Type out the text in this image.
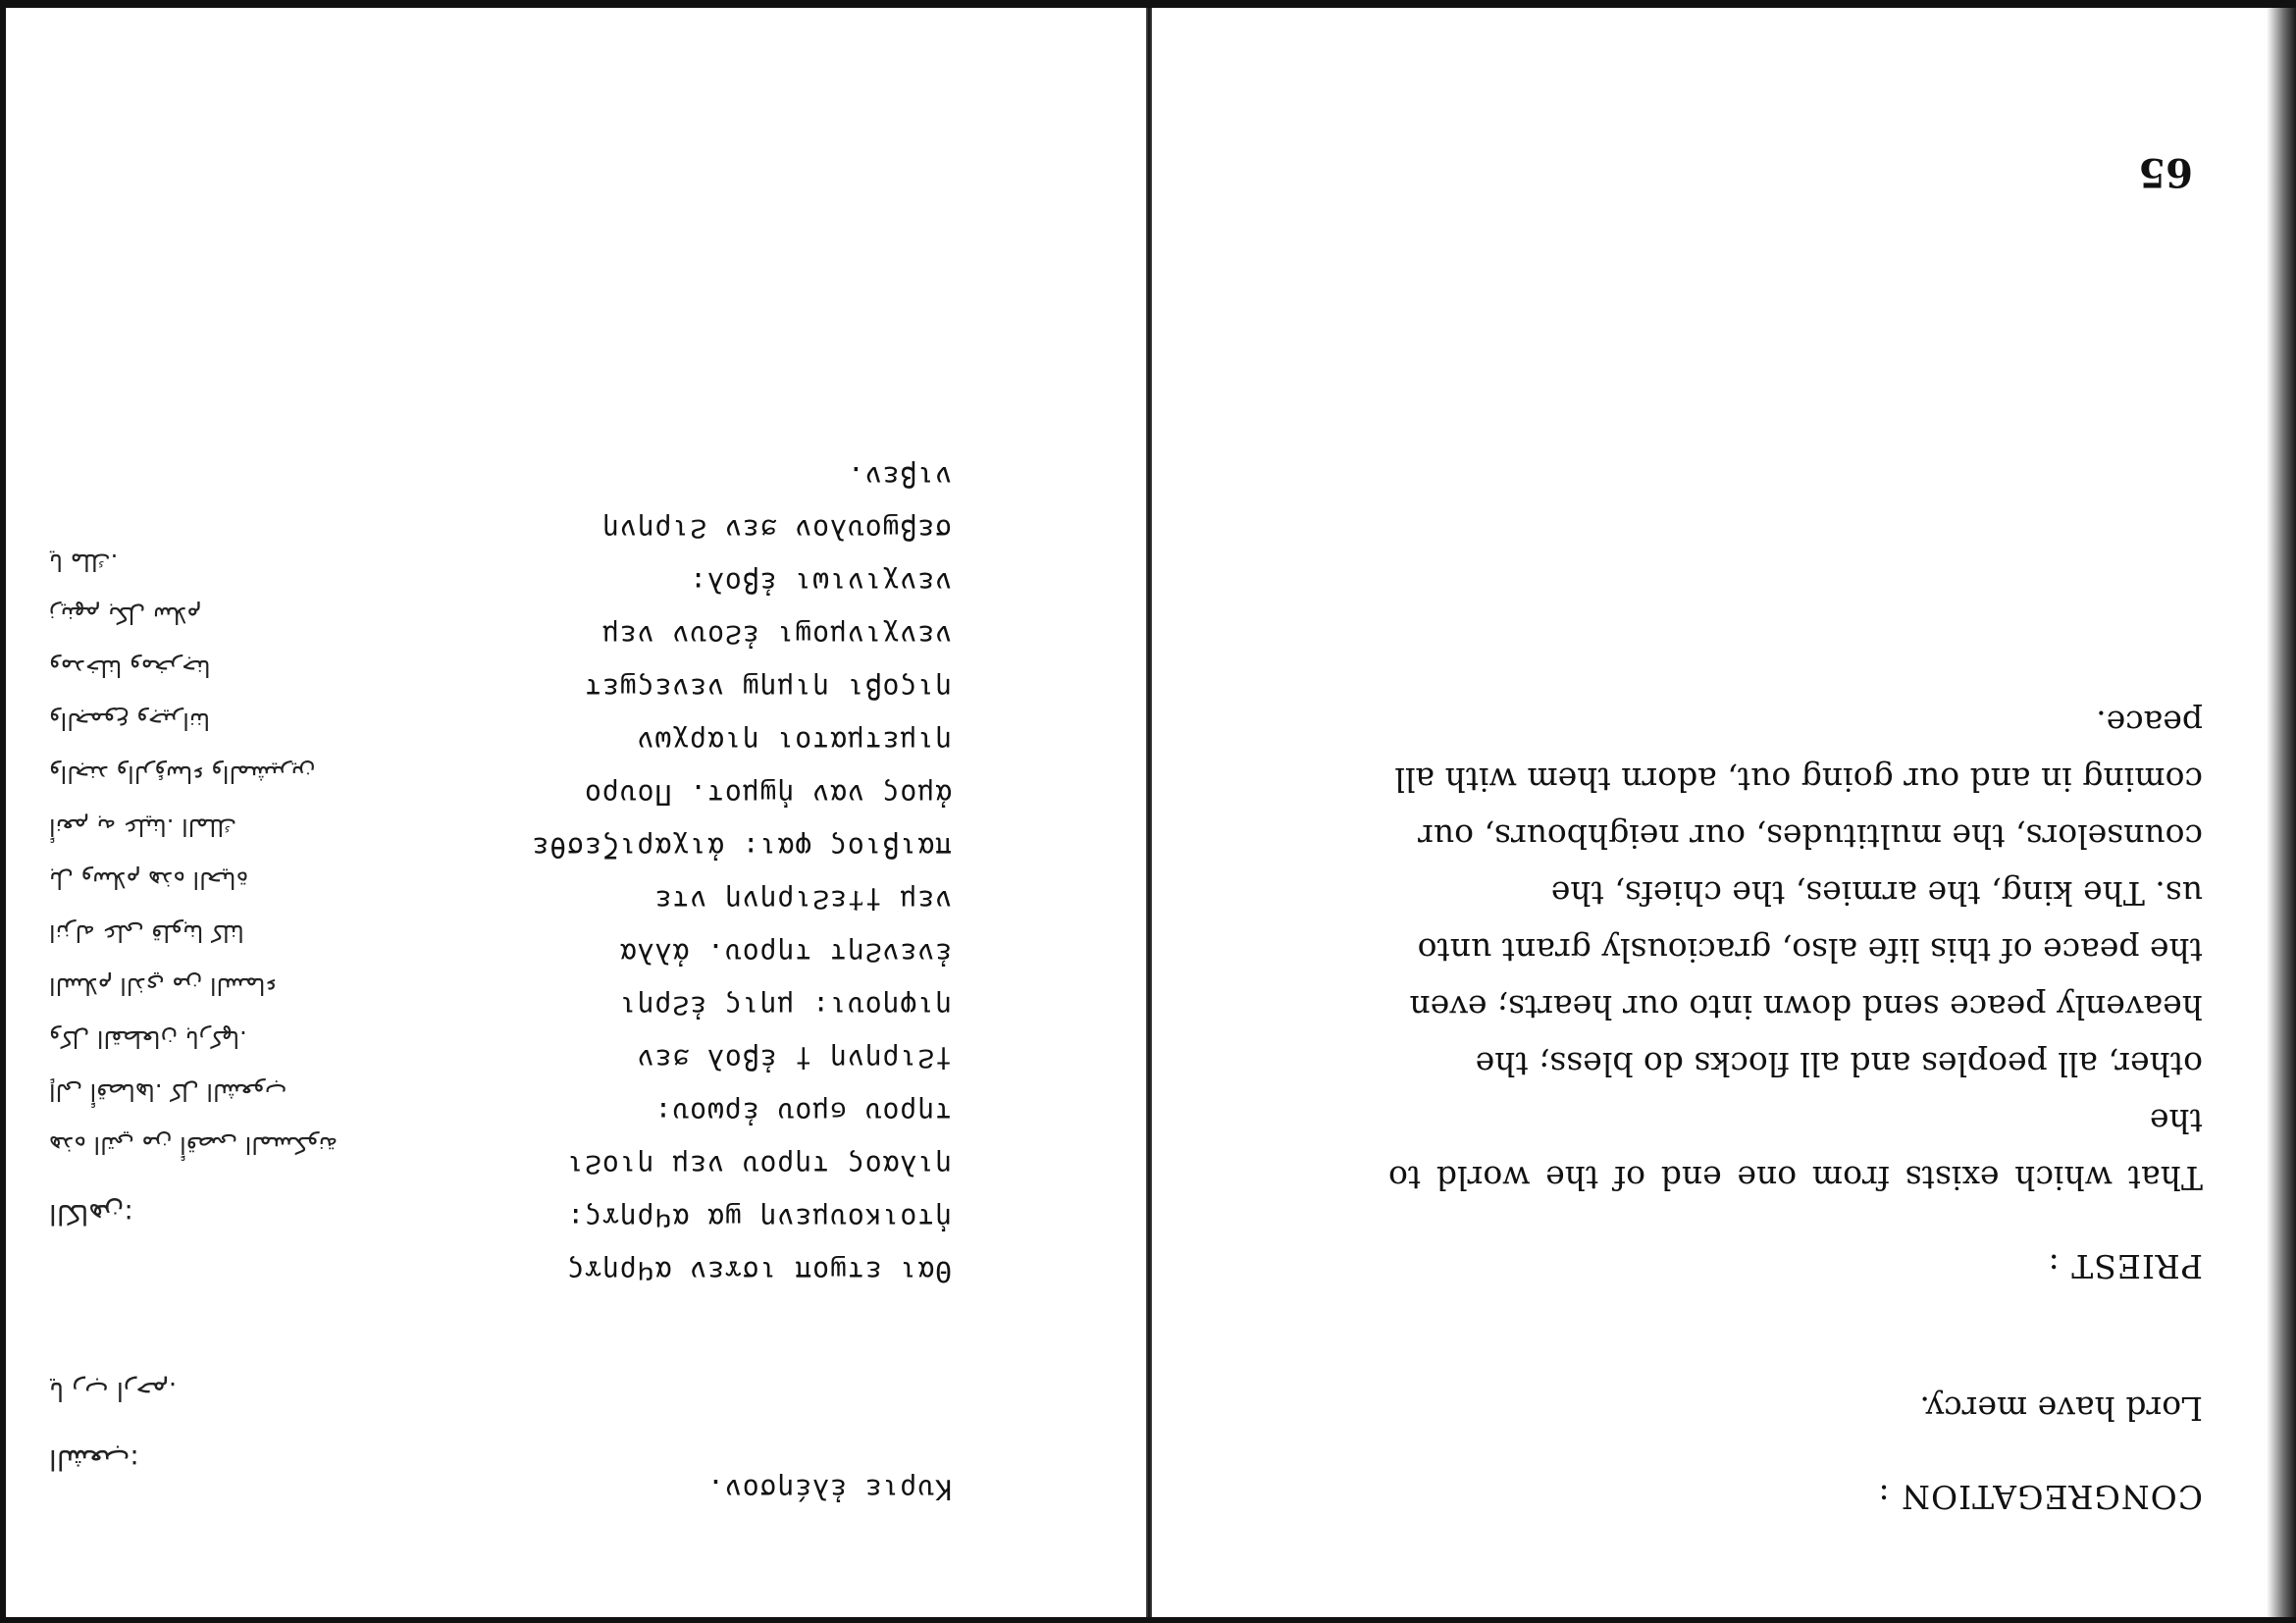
65
CONGREGATION :
Lord have mercy.
PRIEST :

That which exists from one end of the world to the

other, all peoples and all flocks do bless; the

heavenly peace send down into our hearts; even

the peace of this life also, graciously grant unto

us. The king, the armies, the chiefs, the

counselors, the multitudes, our neighbours, our

coming in and our going out, adorn them with all

peace.

Κυριε ἐλέησον.

Θαι ετϣοπ ισϫεν αϥρηϫς

ἡτοικουμενη ϣα αϥρηϫς:

ηιλαος τηρου νεμ ηιοϩι

τηρου ϭμου ἐρωου:

†ϩιρηνη † ἐβολ ϧεν

ηιφηουι: μηις ἐϩρηι

ἐνενϩητ τηρου. ἀλλα

νεμ †ϯεϩιρηνη ντε

παιβιος φαι: ἀιχαριζεσθε

ἀμος ναν ἡϣμοτ. Πουρο

ηιμετματοι ηιαρχων

ηιςοβι ηιμηϣ νενεςϣετ

νενχινμοϣι ἐϩουν νεμ

νενχινιωι ἐβολ:

σεβϣουλον ϧεν ϩιρηνη

νιβεν.

الشعب:
يا رب ارحم.
الكاهن:

هذه التي من أقصى المسكونة

إلى أقصاها. كل الشعوب

وكل القطعان باركها.

السلام الذي من السماء

انزله على قلوبنا كلنا

بل وسلام هذه الحياة

أنعم به علينا. الملك

والجند والرؤساء والمشيرين

والجموع وجيراننا

ومدخلنا ومخرجنا

زينهم بكل سلام

يا ملك.
